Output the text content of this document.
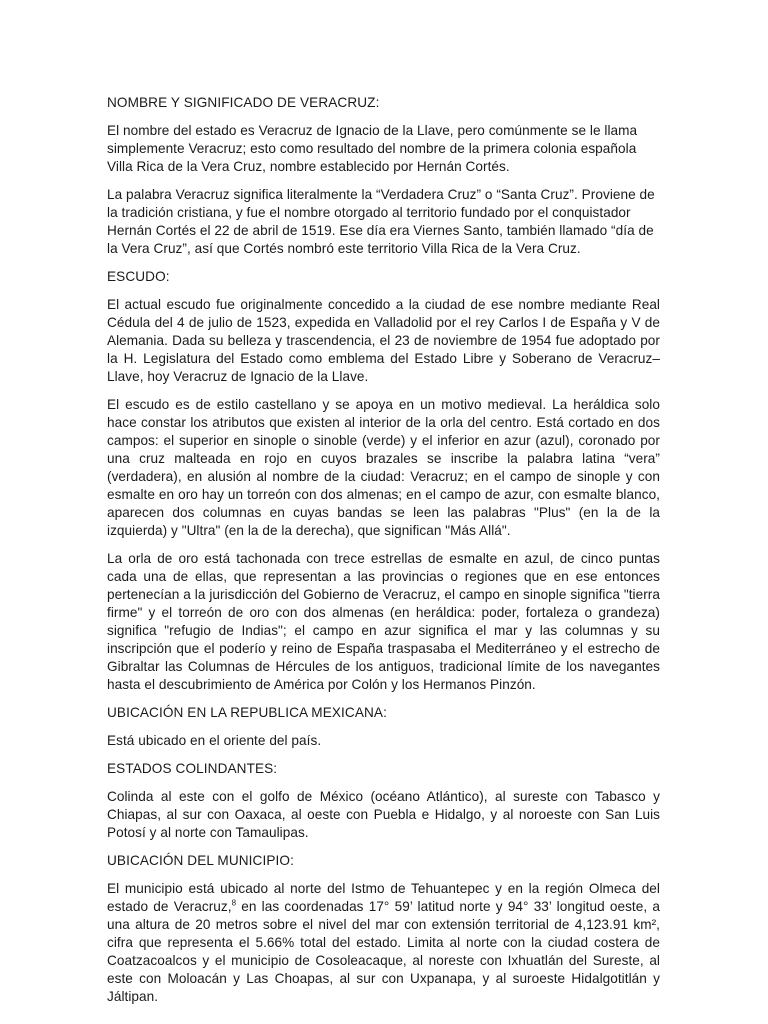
NOMBRE Y SIGNIFICADO DE VERACRUZ:

El nombre del estado es Veracruz de Ignacio de la Llave, pero comúnmente se le llama simplemente Veracruz; esto como resultado del nombre de la primera colonia española Villa Rica de la Vera Cruz, nombre establecido por Hernán Cortés.

La palabra Veracruz significa literalmente la “Verdadera Cruz” o “Santa Cruz”. Proviene de la tradición cristiana, y fue el nombre otorgado al territorio fundado por el conquistador Hernán Cortés el 22 de abril de 1519. Ese día era Viernes Santo, también llamado “día de la Vera Cruz”, así que Cortés nombró este territorio Villa Rica de la Vera Cruz.

ESCUDO:

El actual escudo fue originalmente concedido a la ciudad de ese nombre mediante Real Cédula del 4 de julio de 1523, expedida en Valladolid por el rey Carlos I de España y V de Alemania. Dada su belleza y trascendencia, el 23 de noviembre de 1954 fue adoptado por la H. Legislatura del Estado como emblema del Estado Libre y Soberano de Veracruz–Llave, hoy Veracruz de Ignacio de la Llave.

El escudo es de estilo castellano y se apoya en un motivo medieval. La heráldica solo hace constar los atributos que existen al interior de la orla del centro. Está cortado en dos campos: el superior en sinople o sinoble (verde) y el inferior en azur (azul), coronado por una cruz malteada en rojo en cuyos brazales se inscribe la palabra latina “vera” (verdadera), en alusión al nombre de la ciudad: Veracruz; en el campo de sinople y con esmalte en oro hay un torreón con dos almenas; en el campo de azur, con esmalte blanco, aparecen dos columnas en cuyas bandas se leen las palabras "Plus" (en la de la izquierda) y "Ultra" (en la de la derecha), que significan "Más Allá".

La orla de oro está tachonada con trece estrellas de esmalte en azul, de cinco puntas cada una de ellas, que representan a las provincias o regiones que en ese entonces pertenecían a la jurisdicción del Gobierno de Veracruz, el campo en sinople significa "tierra firme" y el torreón de oro con dos almenas (en heráldica: poder, fortaleza o grandeza) significa "refugio de Indias"; el campo en azur significa el mar y las columnas y su inscripción que el poderío y reino de España traspasaba el Mediterráneo y el estrecho de Gibraltar las Columnas de Hércules de los antiguos, tradicional límite de los navegantes hasta el descubrimiento de América por Colón y los Hermanos Pinzón.

UBICACIÓN EN LA REPUBLICA MEXICANA:

Está ubicado en el oriente del país.

ESTADOS COLINDANTES:

Colinda al este con el golfo de México (océano Atlántico), al sureste con Tabasco y Chiapas, al sur con Oaxaca, al oeste con Puebla e Hidalgo, y al noroeste con San Luis Potosí y al norte con Tamaulipas.

UBICACIÓN DEL MUNICIPIO:

El municipio está ubicado al norte del Istmo de Tehuantepec y en la región Olmeca del estado de Veracruz,$^8$ en las coordenadas 17° 59’ latitud norte y 94° 33’ longitud oeste, a una altura de 20 metros sobre el nivel del mar con extensión territorial de 4,123.91 km², cifra que representa el 5.66% total del estado. Limita al norte con la ciudad costera de Coatzacoalcos y el municipio de Cosoleacaque, al noreste con Ixhuatlán del Sureste, al este con Moloacán y Las Choapas, al sur con Uxpanapa, y al suroeste Hidalgotitlán y Jáltipan.
